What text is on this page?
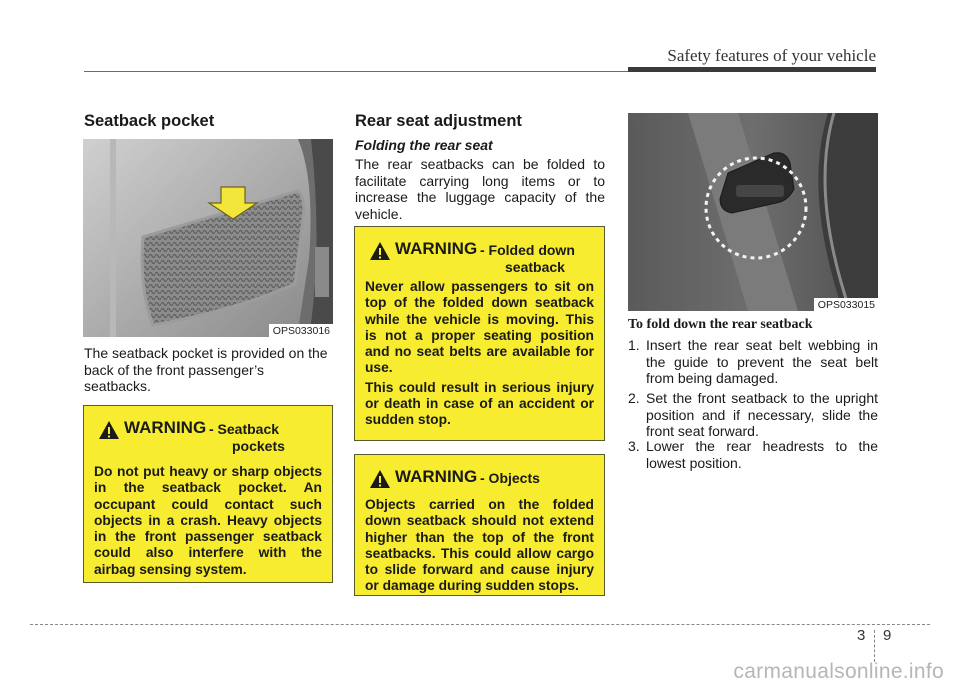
Safety features of your vehicle
Seatback pocket
OPS033016
The seatback pocket is provided on the back of the front passenger’s seatbacks.
WARNING - Seatback
pockets

Do not put heavy or sharp objects in the seatback pocket. An occupant could contact such objects in a crash. Heavy objects in the front passenger seatback could also interfere with the airbag sensing system.

Rear seat adjustment
Folding the rear seat
The rear seatbacks can be folded to facilitate carrying long items or to increase the luggage capacity of the vehicle.
WARNING - Folded down
seatback

Never allow passengers to sit on top of the folded down seatback while the vehicle is moving. This is not a proper seating position and no seat belts are available for use.

This could result in serious injury or death in case of an accident or sudden stop.

WARNING - Objects

Objects carried on the folded down seatback should not extend higher than the top of the front seatbacks. This could allow cargo to slide forward and cause injury or damage during sudden stops.

OPS033015
To fold down the rear seatback
1. Insert the rear seat belt webbing in the guide to prevent the seat belt from being damaged.
2. Set the front seatback to the upright position and if necessary, slide the front seat forward.
3. Lower the rear headrests to the lowest position.
3 9
carmanualsonline.info
